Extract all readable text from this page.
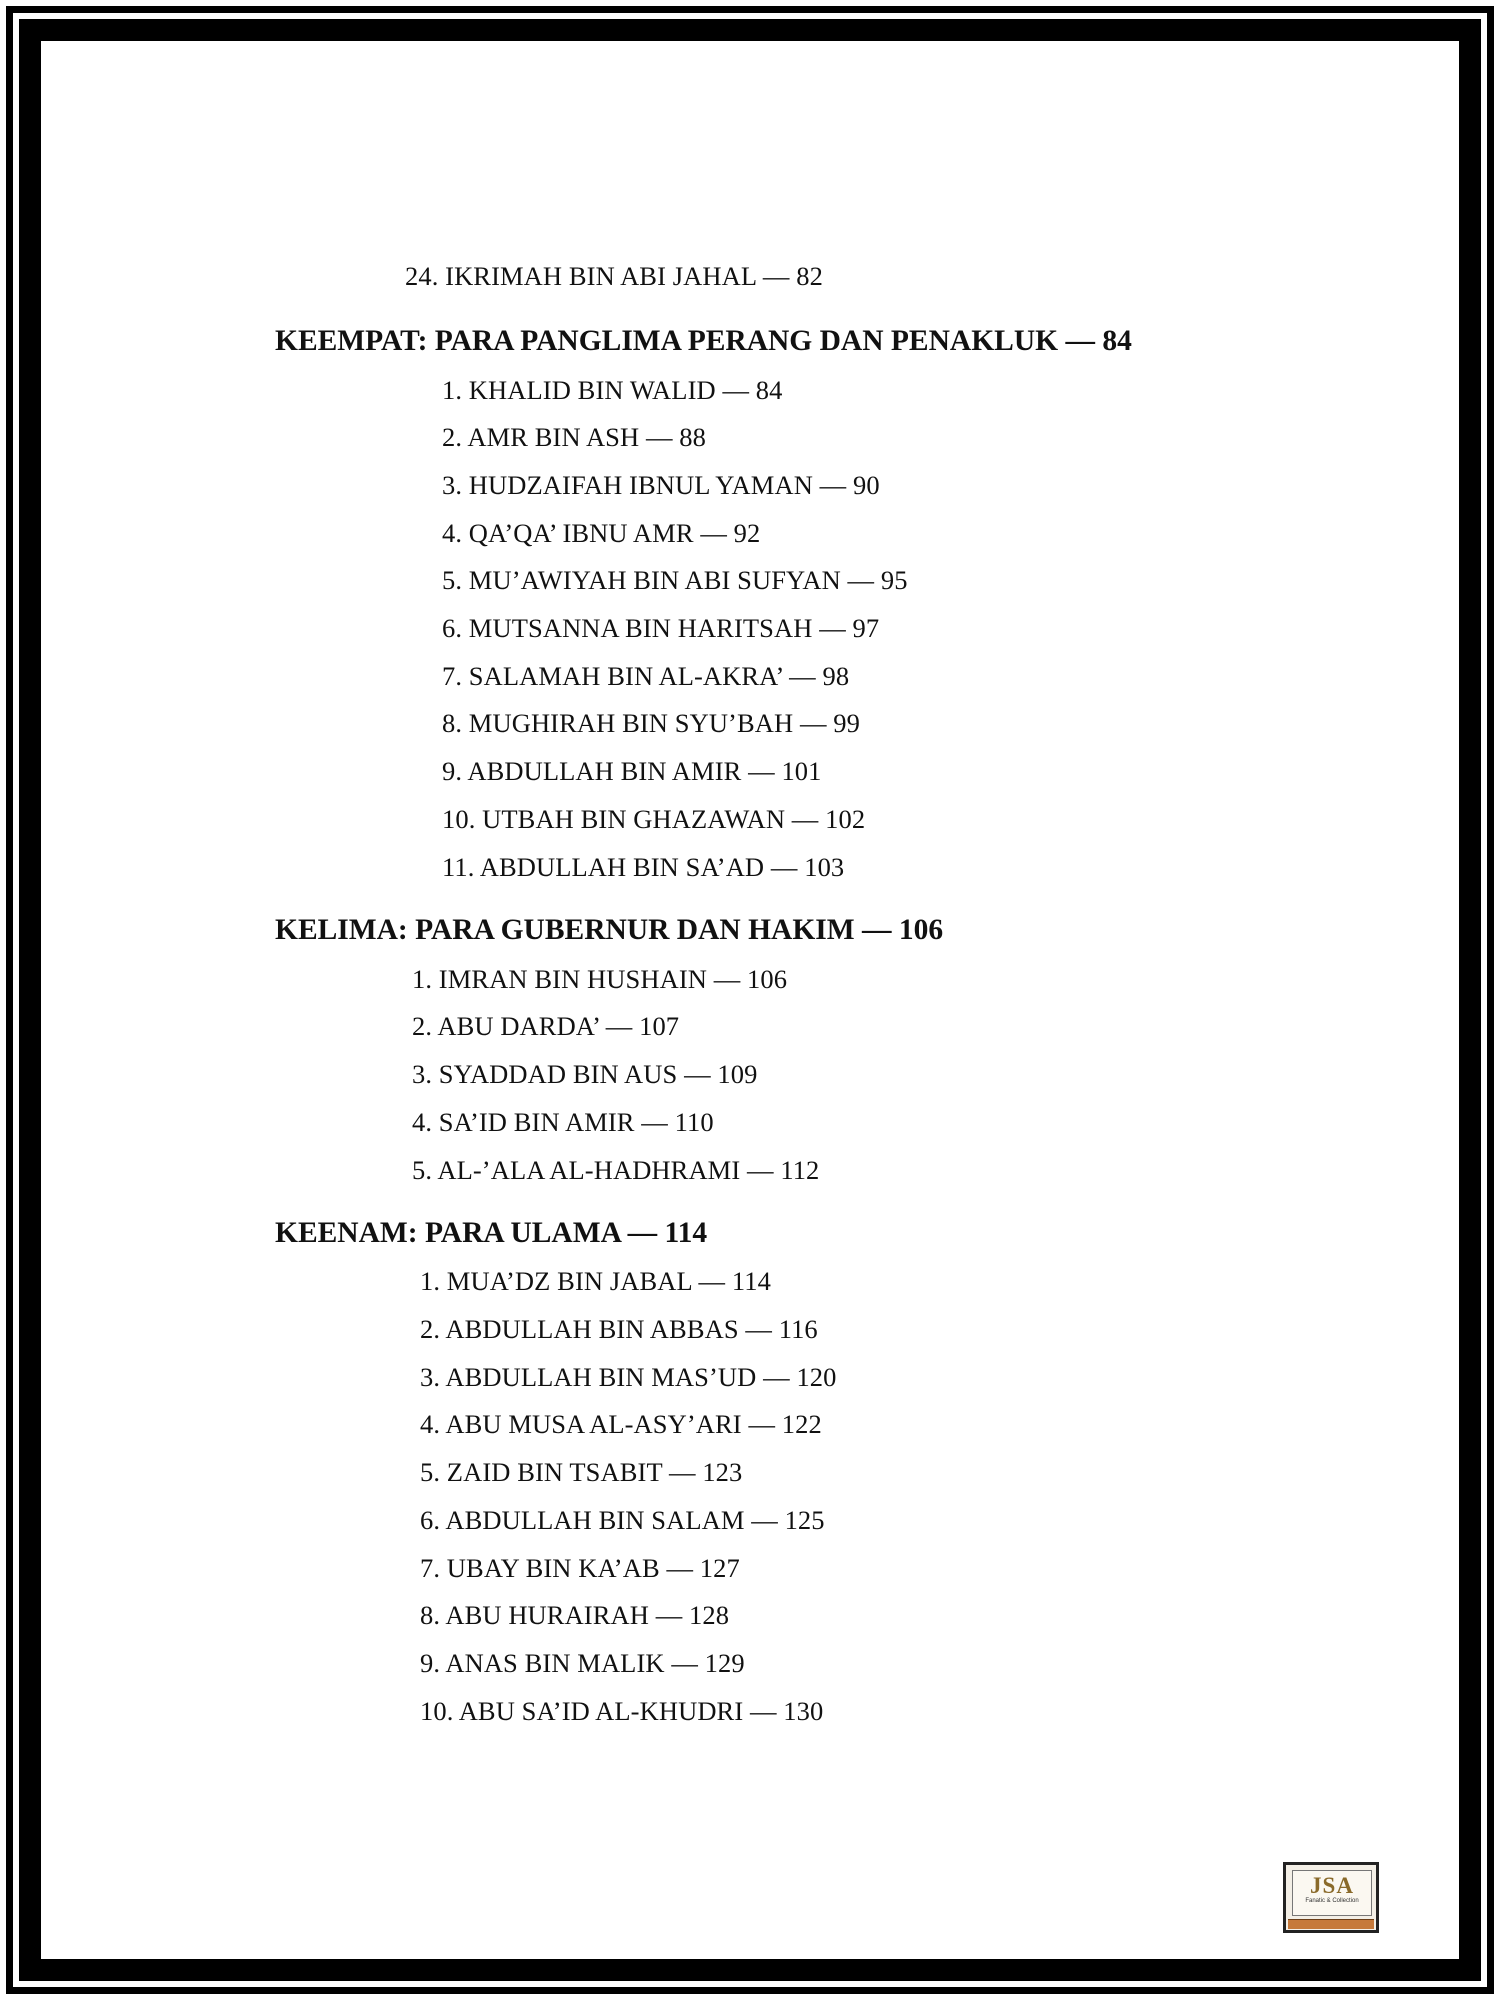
24. IKRIMAH BIN ABI JAHAL — 82
KEEMPAT: PARA PANGLIMA PERANG DAN PENAKLUK — 84
1. KHALID BIN WALID — 84
2. AMR BIN ASH — 88
3. HUDZAIFAH IBNUL YAMAN — 90
4. QA’QA’ IBNU AMR — 92
5. MU’AWIYAH BIN ABI SUFYAN — 95
6. MUTSANNA BIN HARITSAH — 97
7. SALAMAH BIN AL-AKRA’ — 98
8. MUGHIRAH BIN SYU’BAH — 99
9. ABDULLAH BIN AMIR — 101
10. UTBAH BIN GHAZAWAN — 102
11. ABDULLAH BIN SA’AD — 103
KELIMA: PARA GUBERNUR DAN HAKIM — 106
1. IMRAN BIN HUSHAIN — 106
2. ABU DARDA’ — 107
3. SYADDAD BIN AUS — 109
4. SA’ID BIN AMIR — 110
5. AL-’ALA AL-HADHRAMI — 112
KEENAM: PARA ULAMA — 114
1. MUA’DZ BIN JABAL — 114
2. ABDULLAH BIN ABBAS — 116
3. ABDULLAH BIN MAS’UD — 120
4. ABU MUSA AL-ASY’ARI — 122
5. ZAID BIN TSABIT — 123
6. ABDULLAH BIN SALAM — 125
7. UBAY BIN KA’AB — 127
8. ABU HURAIRAH — 128
9. ANAS BIN MALIK — 129
10. ABU SA’ID AL-KHUDRI — 130
JSA
Fanatic & Collection
